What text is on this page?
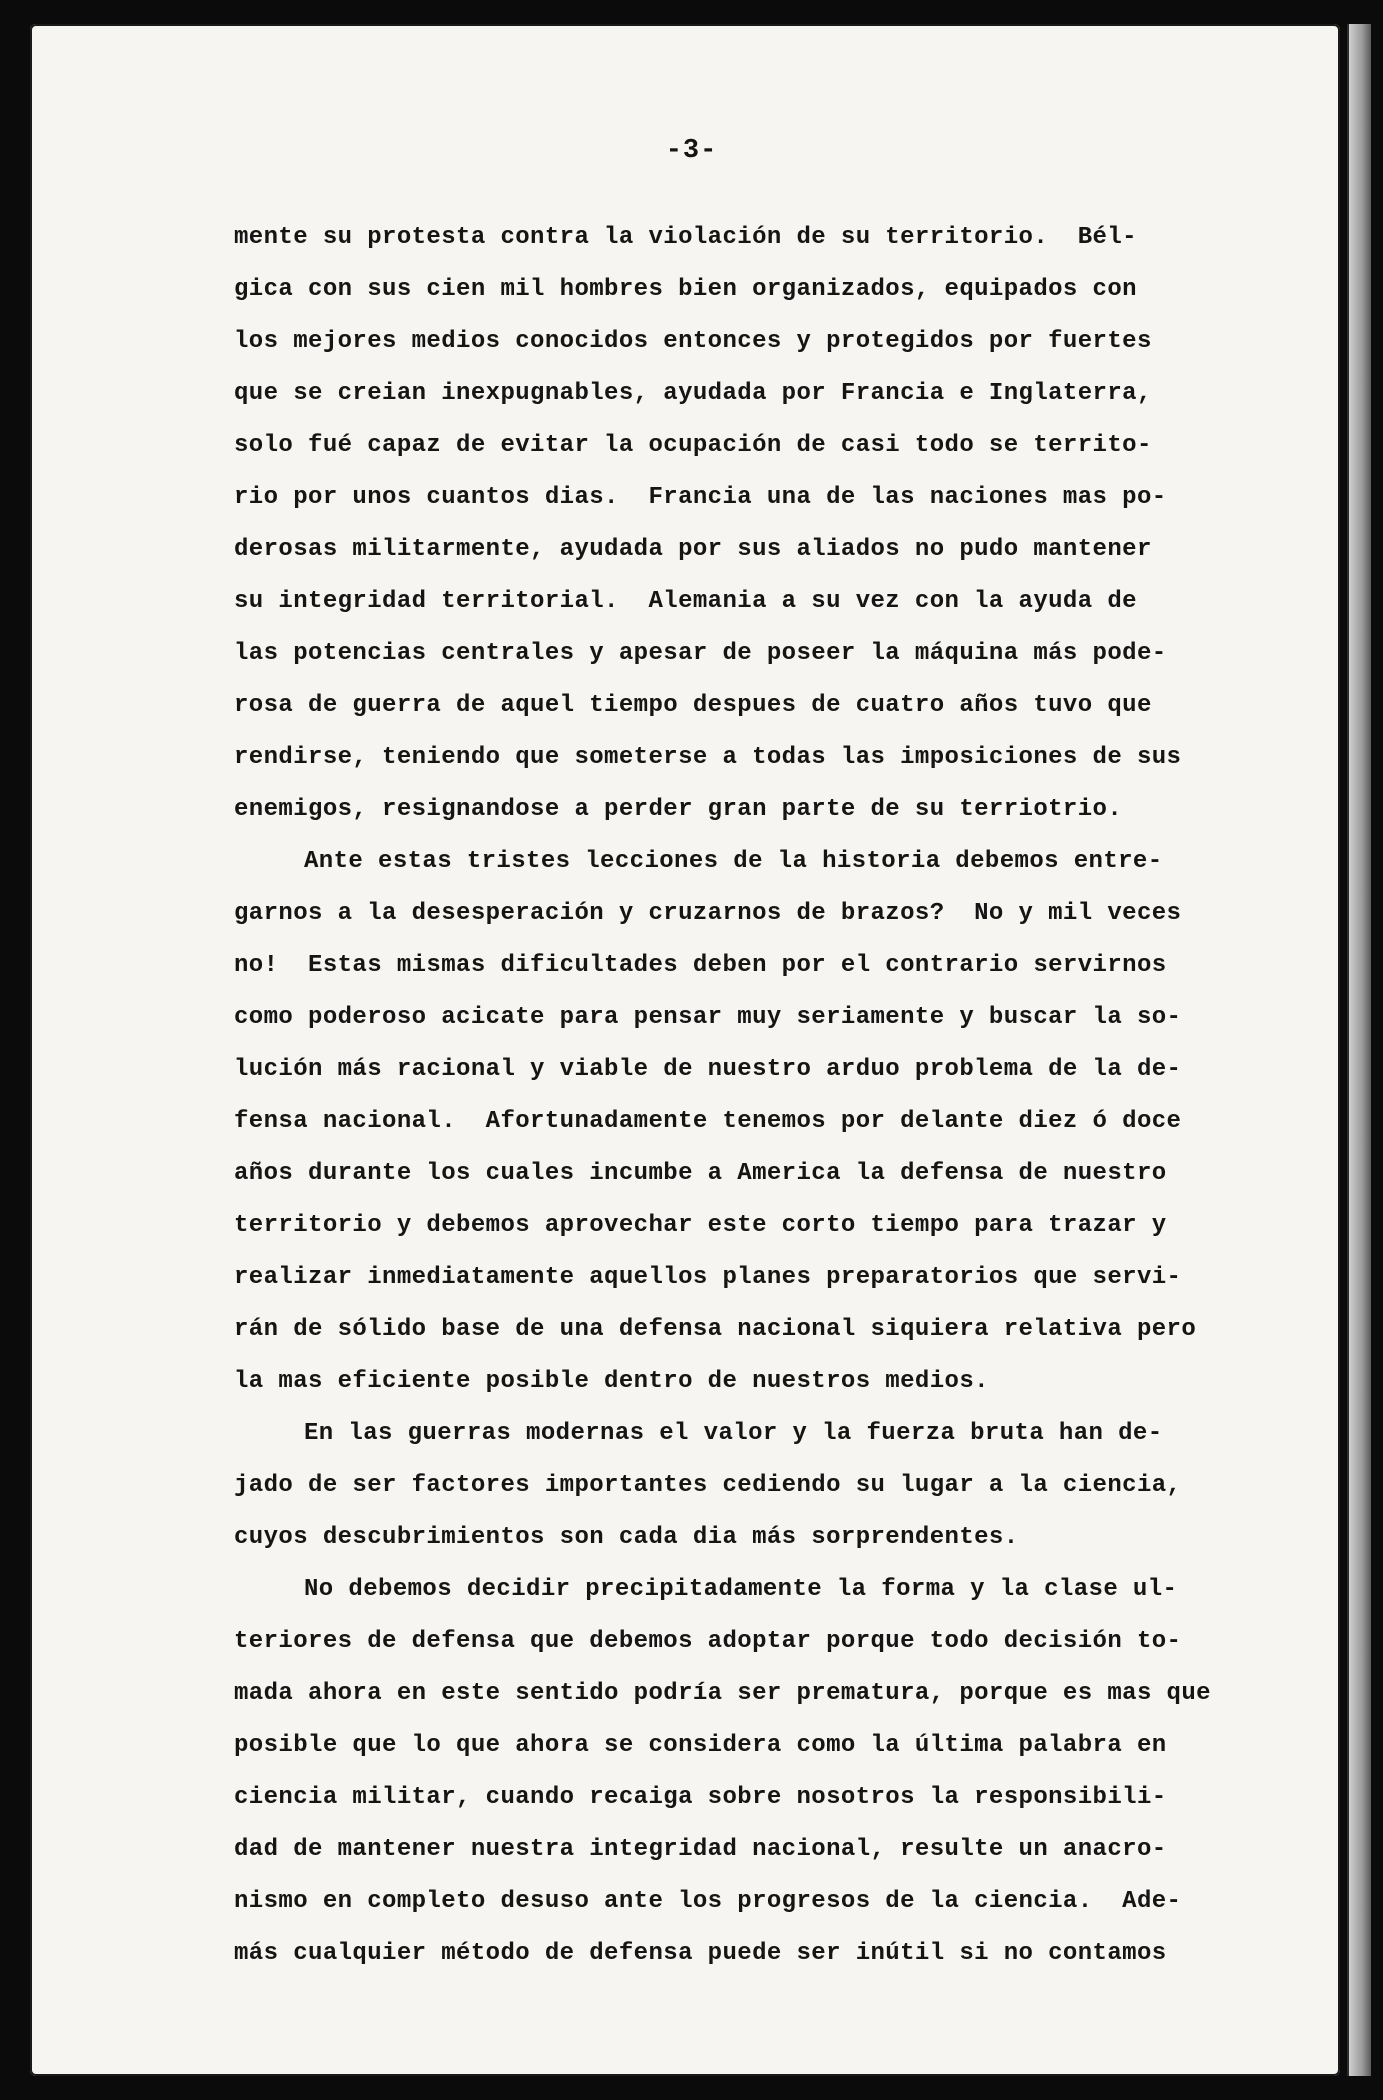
-3-
mente su protesta contra la violación de su territorio.  Bél-
gica con sus cien mil hombres bien organizados, equipados con
los mejores medios conocidos entonces y protegidos por fuertes
que se creian inexpugnables, ayudada por Francia e Inglaterra,
solo fué capaz de evitar la ocupación de casi todo se territo-
rio por unos cuantos dias.  Francia una de las naciones mas po-
derosas militarmente, ayudada por sus aliados no pudo mantener
su integridad territorial.  Alemania a su vez con la ayuda de
las potencias centrales y apesar de poseer la máquina más pode-
rosa de guerra de aquel tiempo despues de cuatro años tuvo que
rendirse, teniendo que someterse a todas las imposiciones de sus
enemigos, resignandose a perder gran parte de su terriotrio.
Ante estas tristes lecciones de la historia debemos entre-
garnos a la desesperación y cruzarnos de brazos?  No y mil veces
no!  Estas mismas dificultades deben por el contrario servirnos
como poderoso acicate para pensar muy seriamente y buscar la so-
lución más racional y viable de nuestro arduo problema de la de-
fensa nacional.  Afortunadamente tenemos por delante diez ó doce
años durante los cuales incumbe a America la defensa de nuestro
territorio y debemos aprovechar este corto tiempo para trazar y
realizar inmediatamente aquellos planes preparatorios que servi-
rán de sólido base de una defensa nacional siquiera relativa pero
la mas eficiente posible dentro de nuestros medios.
En las guerras modernas el valor y la fuerza bruta han de-
jado de ser factores importantes cediendo su lugar a la ciencia,
cuyos descubrimientos son cada dia más sorprendentes.
No debemos decidir precipitadamente la forma y la clase ul-
teriores de defensa que debemos adoptar porque todo decisión to-
mada ahora en este sentido podría ser prematura, porque es mas que
posible que lo que ahora se considera como la última palabra en
ciencia militar, cuando recaiga sobre nosotros la responsibili-
dad de mantener nuestra integridad nacional, resulte un anacro-
nismo en completo desuso ante los progresos de la ciencia.  Ade-
más cualquier método de defensa puede ser inútil si no contamos
